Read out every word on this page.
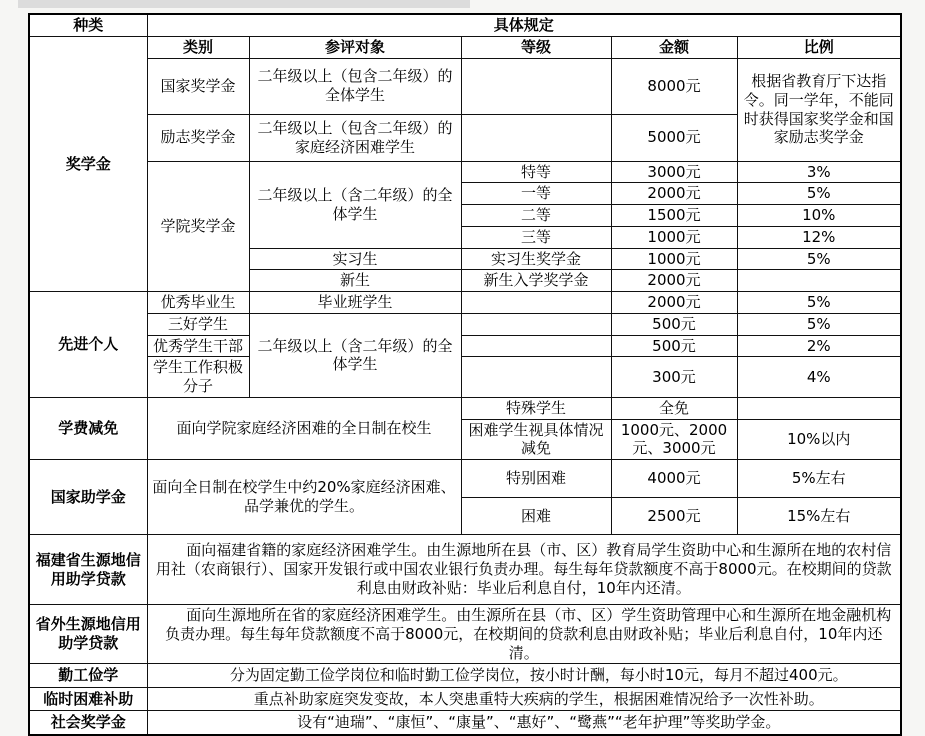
种类	具体规定				
奖学金	类别	参评对象	等级	金额	比例
	国家奖学金	二年级以上（包含二年级）的全体学生		8000元	根据省教育厅下达指令。同一学年，不能同时获得国家奖学金和国家励志奖学金
	励志奖学金	二年级以上（包含二年级）的家庭经济困难学生		5000元	
	学院奖学金	二年级以上（含二年级）的全体学生	特等	3000元	3%
			一等	2000元	5%
			二等	1500元	10%
			三等	1000元	12%
		实习生	实习生奖学金	1000元	5%
		新生	新生入学奖学金	2000元	
先进个人	优秀毕业生	毕业班学生		2000元	5%
	三好学生	二年级以上（含二年级）的全体学生		500元	5%
	优秀学生干部			500元	2%
	学生工作积极分子			300元	4%
学费减免	面向学院家庭经济困难的全日制在校生		特殊学生	全免	
			困难学生视具体情况减免	1000元、2000元、3000元	10%以内
国家助学金	面向全日制在校学生中约20%家庭经济困难、品学兼优的学生。		特别困难	4000元	5%左右
			困难	2500元	15%左右
福建省生源地信用助学贷款	面向福建省籍的家庭经济困难学生。由生源地所在县（市、区）教育局学生资助中心和生源所在地的农村信用社（农商银行）、国家开发银行或中国农业银行负责办理。每生每年贷款额度不高于8000元。在校期间的贷款利息由财政补贴：毕业后利息自付，10年内还清。				
省外生源地信用助学贷款	面向生源地所在省的家庭经济困难学生。由生源所在县（市、区）学生资助管理中心和生源所在地金融机构负责办理。每生每年贷款额度不高于8000元，在校期间的贷款利息由财政补贴；毕业后利息自付，10年内还清。				
勤工俭学	分为固定勤工俭学岗位和临时勤工俭学岗位，按小时计酬，每小时10元，每月不超过400元。				
临时困难补助	重点补助家庭突发变故，本人突患重特大疾病的学生，根据困难情况给予一次性补助。				
社会奖学金	设有“迪瑞”、“康恒”、“康量”、“惠好”、“鹭燕”“老年护理”等奖助学金。				
